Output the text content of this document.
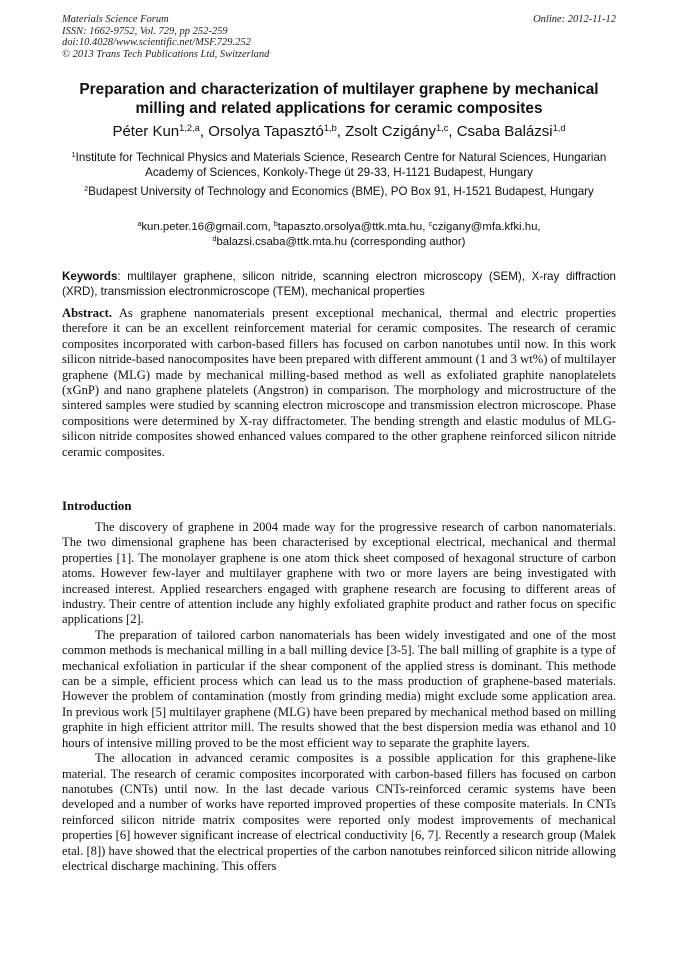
Materials Science Forum
ISSN: 1662-9752, Vol. 729, pp 252-259
doi:10.4028/www.scientific.net/MSF.729.252
© 2013 Trans Tech Publications Ltd, Switzerland
Online: 2012-11-12
Preparation and characterization of multilayer graphene by mechanical milling and related applications for ceramic composites
Péter Kun$^{1,2,a}$, Orsolya Tapasztó$^{1,b}$, Zsolt Czigány$^{1,c}$, Csaba Balázsi$^{1,d}$
$^1$Institute for Technical Physics and Materials Science, Research Centre for Natural Sciences, Hungarian Academy of Sciences, Konkoly-Thege út 29-33, H-1121 Budapest, Hungary
$^2$Budapest University of Technology and Economics (BME), PO Box 91, H-1521 Budapest, Hungary
$^a$kun.peter.16@gmail.com, $^b$tapaszto.orsolya@ttk.mta.hu, $^c$czigany@mfa.kfki.hu,
$^d$balazsi.csaba@ttk.mta.hu (corresponding author)
Keywords: multilayer graphene, silicon nitride, scanning electron microscopy (SEM), X-ray diffraction (XRD), transmission electronmicroscope (TEM), mechanical properties
Abstract. As graphene nanomaterials present exceptional mechanical, thermal and electric properties therefore it can be an excellent reinforcement material for ceramic composites. The research of ceramic composites incorporated with carbon-based fillers has focused on carbon nanotubes until now. In this work silicon nitride-based nanocomposites have been prepared with different ammount (1 and 3 wt%) of multilayer graphene (MLG) made by mechanical milling-based method as well as exfoliated graphite nanoplatelets (xGnP) and nano graphene platelets (Angstron) in comparison. The morphology and microstructure of the sintered samples were studied by scanning electron microscope and transmission electron microscope. Phase compositions were determined by X-ray diffractometer. The bending strength and elastic modulus of MLG-silicon nitride composites showed enhanced values compared to the other graphene reinforced silicon nitride ceramic composites.
Introduction

The discovery of graphene in 2004 made way for the progressive research of carbon nanomaterials. The two dimensional graphene has been characterised by exceptional electrical, mechanical and thermal properties [1]. The monolayer graphene is one atom thick sheet composed of hexagonal structure of carbon atoms. However few-layer and multilayer graphene with two or more layers are being investigated with increased interest. Applied researchers engaged with graphene research are focusing to different areas of industry. Their centre of attention include any highly exfoliated graphite product and rather focus on specific applications [2].

The preparation of tailored carbon nanomaterials has been widely investigated and one of the most common methods is mechanical milling in a ball milling device [3-5]. The ball milling of graphite is a type of mechanical exfoliation in particular if the shear component of the applied stress is dominant. This methode can be a simple, efficient process which can lead us to the mass production of graphene-based materials. However the problem of contamination (mostly from grinding media) might exclude some application area. In previous work [5] multilayer graphene (MLG) have been prepared by mechanical method based on milling graphite in high efficient attritor mill. The results showed that the best dispersion media was ethanol and 10 hours of intensive milling proved to be the most efficient way to separate the graphite layers.

The allocation in advanced ceramic composites is a possible application for this graphene-like material. The research of ceramic composites incorporated with carbon-based fillers has focused on carbon nanotubes (CNTs) until now. In the last decade various CNTs-reinforced ceramic systems have been developed and a number of works have reported improved properties of these composite materials. In CNTs reinforced silicon nitride matrix composites were reported only modest improvements of mechanical properties [6] however significant increase of electrical conductivity [6, 7]. Recently a research group (Malek etal. [8]) have showed that the electrical properties of the carbon nanotubes reinforced silicon nitride allowing electrical discharge machining. This offers
